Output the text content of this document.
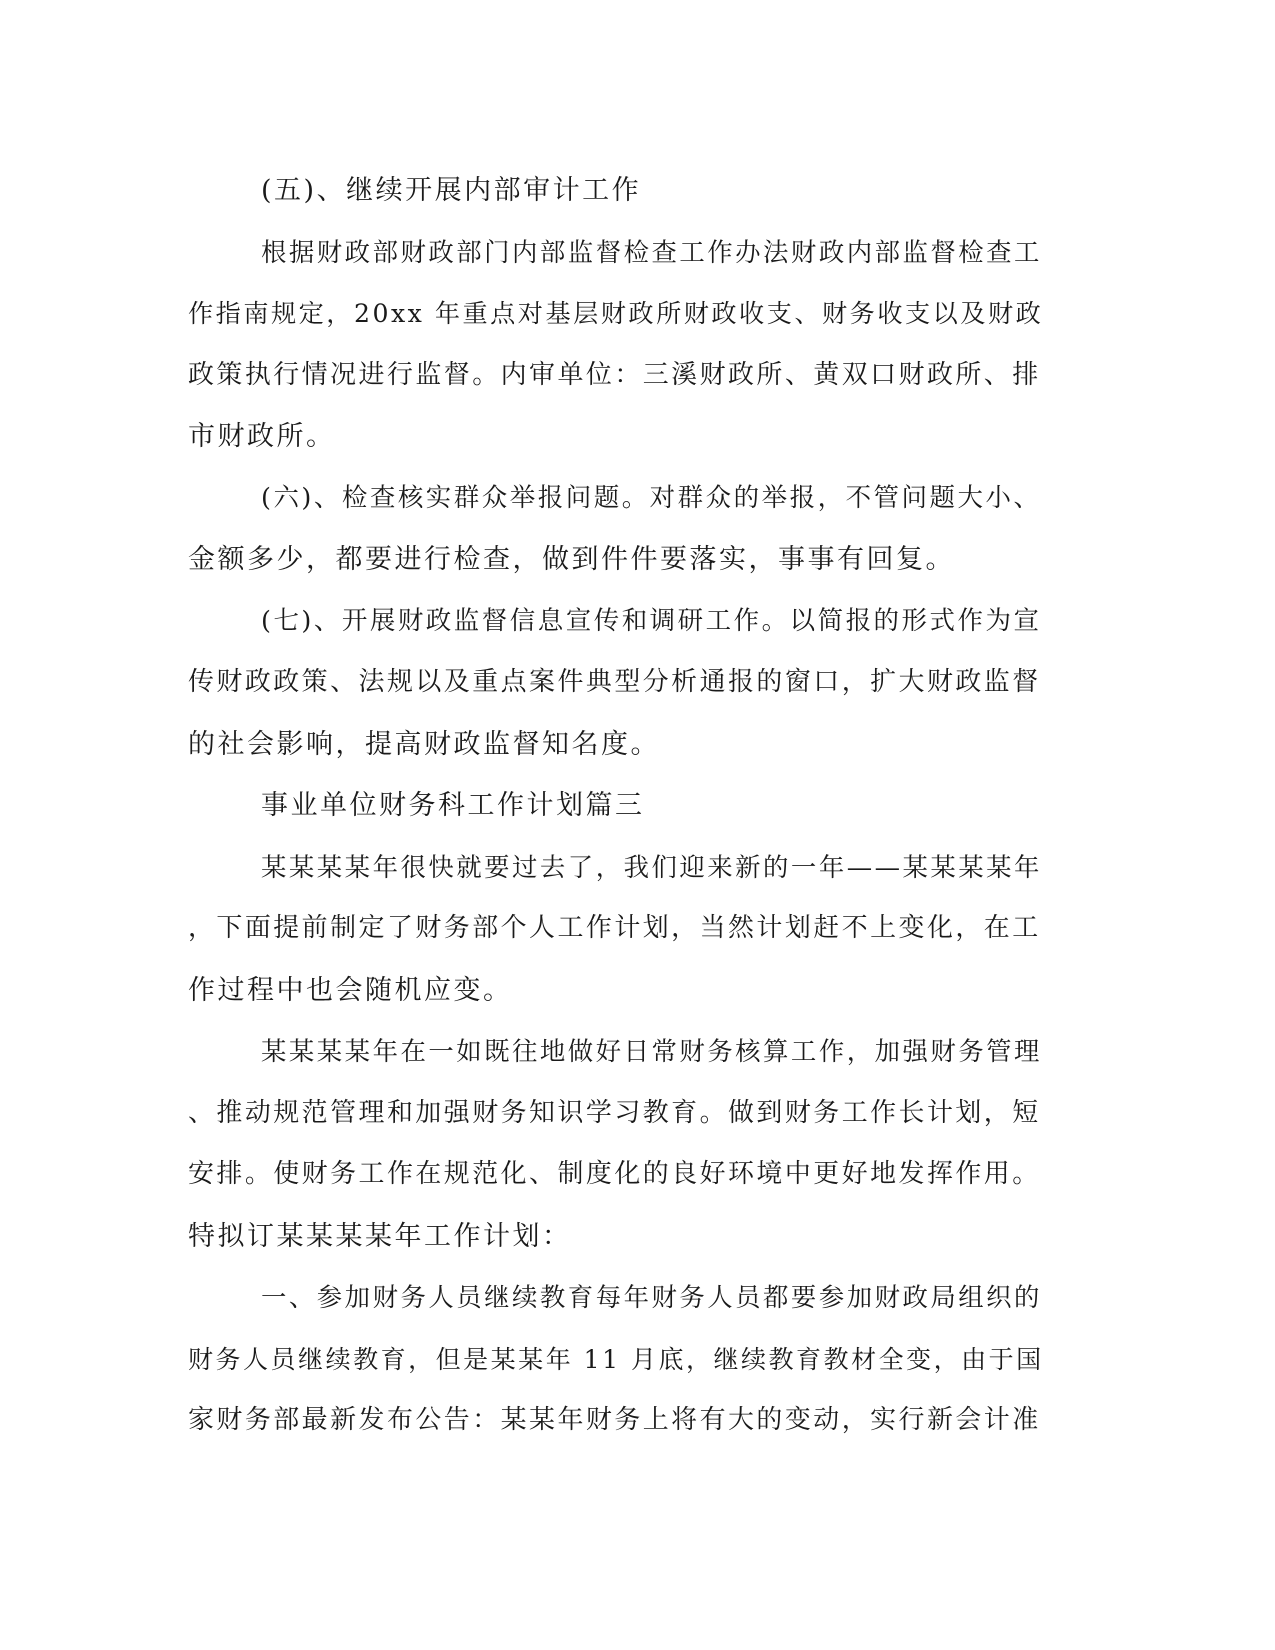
(五)、继续开展内部审计工作
根据财政部财政部门内部监督检查工作办法财政内部监督检查工
作指南规定，20xx 年重点对基层财政所财政收支、财务收支以及财政
政策执行情况进行监督。内审单位：三溪财政所、黄双口财政所、排
市财政所。
(六)、检查核实群众举报问题。对群众的举报，不管问题大小、
金额多少，都要进行检查，做到件件要落实，事事有回复。
(七)、开展财政监督信息宣传和调研工作。以简报的形式作为宣
传财政政策、法规以及重点案件典型分析通报的窗口，扩大财政监督
的社会影响，提高财政监督知名度。
事业单位财务科工作计划篇三
某某某某年很快就要过去了，我们迎来新的一年——某某某某年
，下面提前制定了财务部个人工作计划，当然计划赶不上变化，在工
作过程中也会随机应变。
某某某某年在一如既往地做好日常财务核算工作，加强财务管理
、推动规范管理和加强财务知识学习教育。做到财务工作长计划，短
安排。使财务工作在规范化、制度化的良好环境中更好地发挥作用。
特拟订某某某某年工作计划：
一、参加财务人员继续教育每年财务人员都要参加财政局组织的
财务人员继续教育，但是某某年 11 月底，继续教育教材全变，由于国
家财务部最新发布公告：某某年财务上将有大的变动，实行新会计准
